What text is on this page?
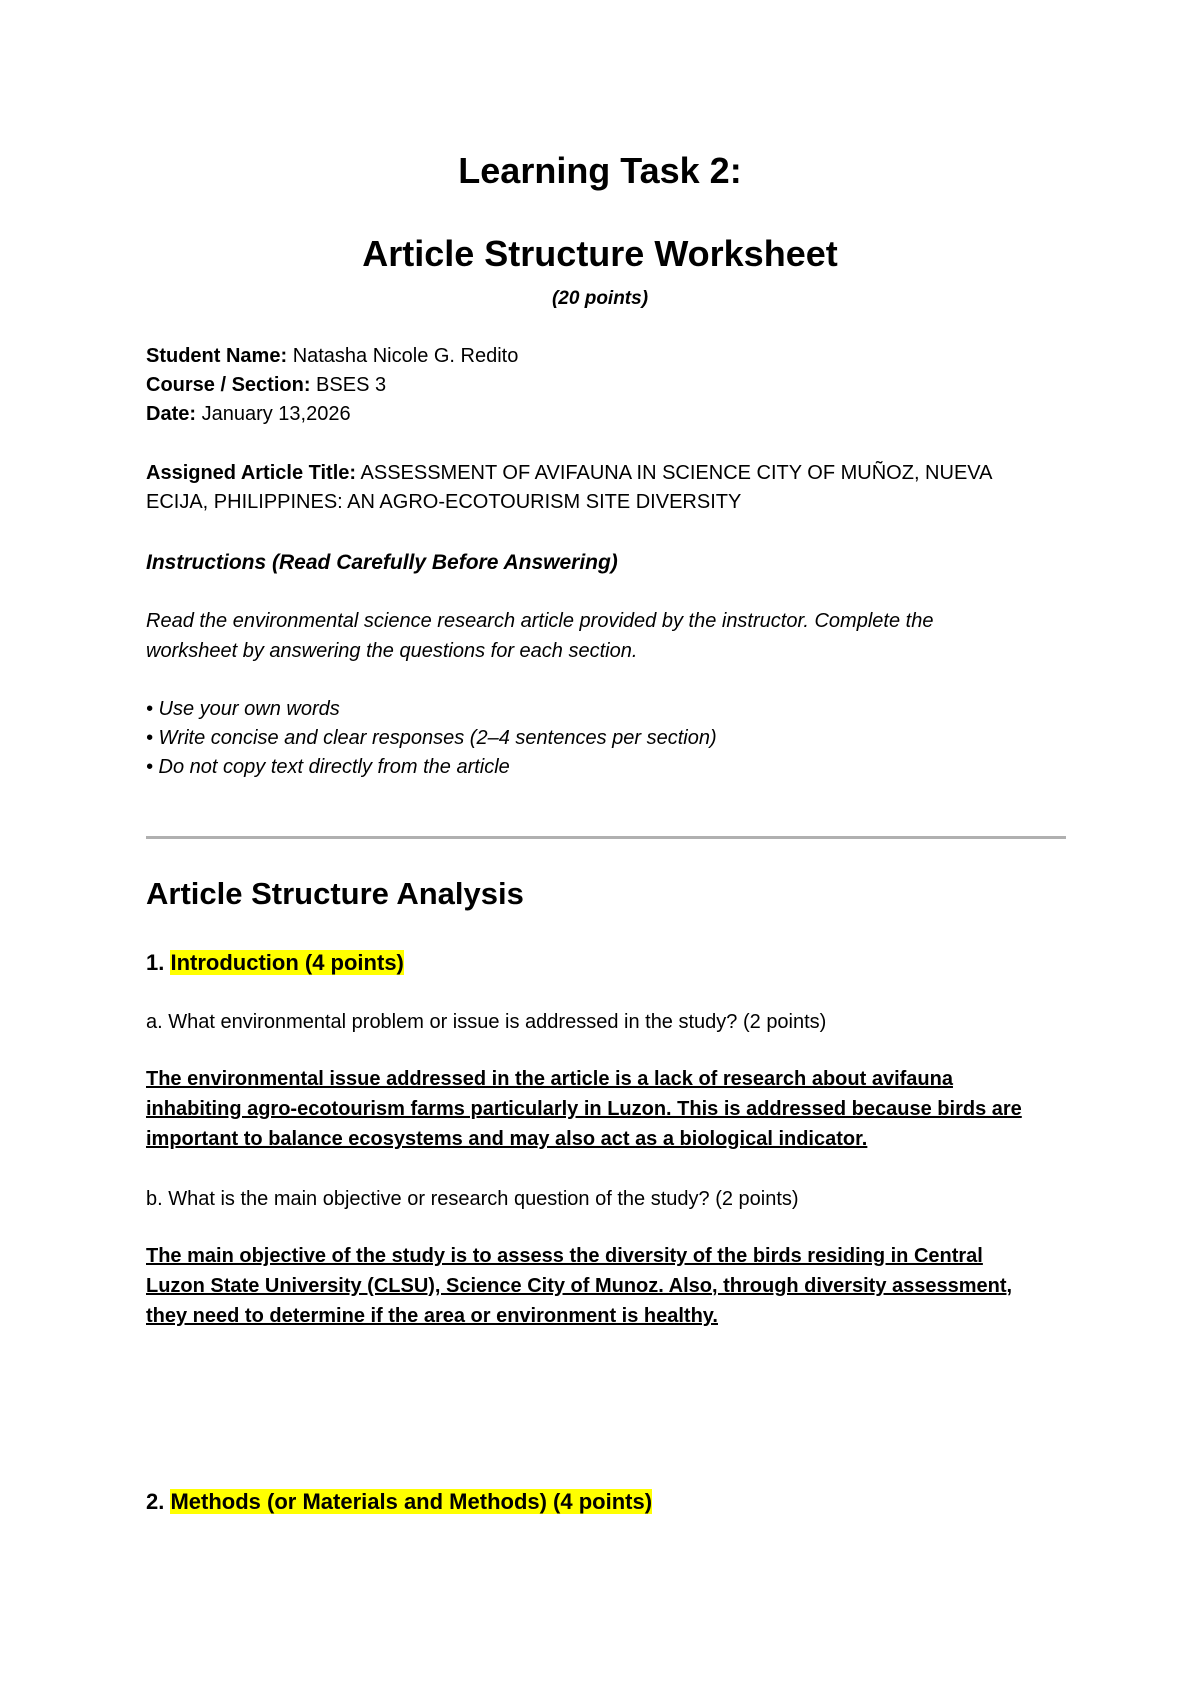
Learning Task 2:
Article Structure Worksheet
(20 points)
Student Name: Natasha Nicole G. Redito
Course / Section: BSES 3
Date: January 13,2026
Assigned Article Title: ASSESSMENT OF AVIFAUNA IN SCIENCE CITY OF MUÑOZ, NUEVA
ECIJA, PHILIPPINES: AN AGRO-ECOTOURISM SITE DIVERSITY
Instructions (Read Carefully Before Answering)
Read the environmental science research article provided by the instructor. Complete the
worksheet by answering the questions for each section.
• Use your own words
• Write concise and clear responses (2–4 sentences per section)
• Do not copy text directly from the article
Article Structure Analysis
1. Introduction (4 points)
a. What environmental problem or issue is addressed in the study? (2 points)
The environmental issue addressed in the article is a lack of research about avifauna
inhabiting agro-ecotourism farms particularly in Luzon. This is addressed because birds are
important to balance ecosystems and may also act as a biological indicator.
b. What is the main objective or research question of the study? (2 points)
The main objective of the study is to assess the diversity of the birds residing in Central
Luzon State University (CLSU), Science City of Munoz. Also, through diversity assessment,
they need to determine if the area or environment is healthy.
2. Methods (or Materials and Methods) (4 points)
